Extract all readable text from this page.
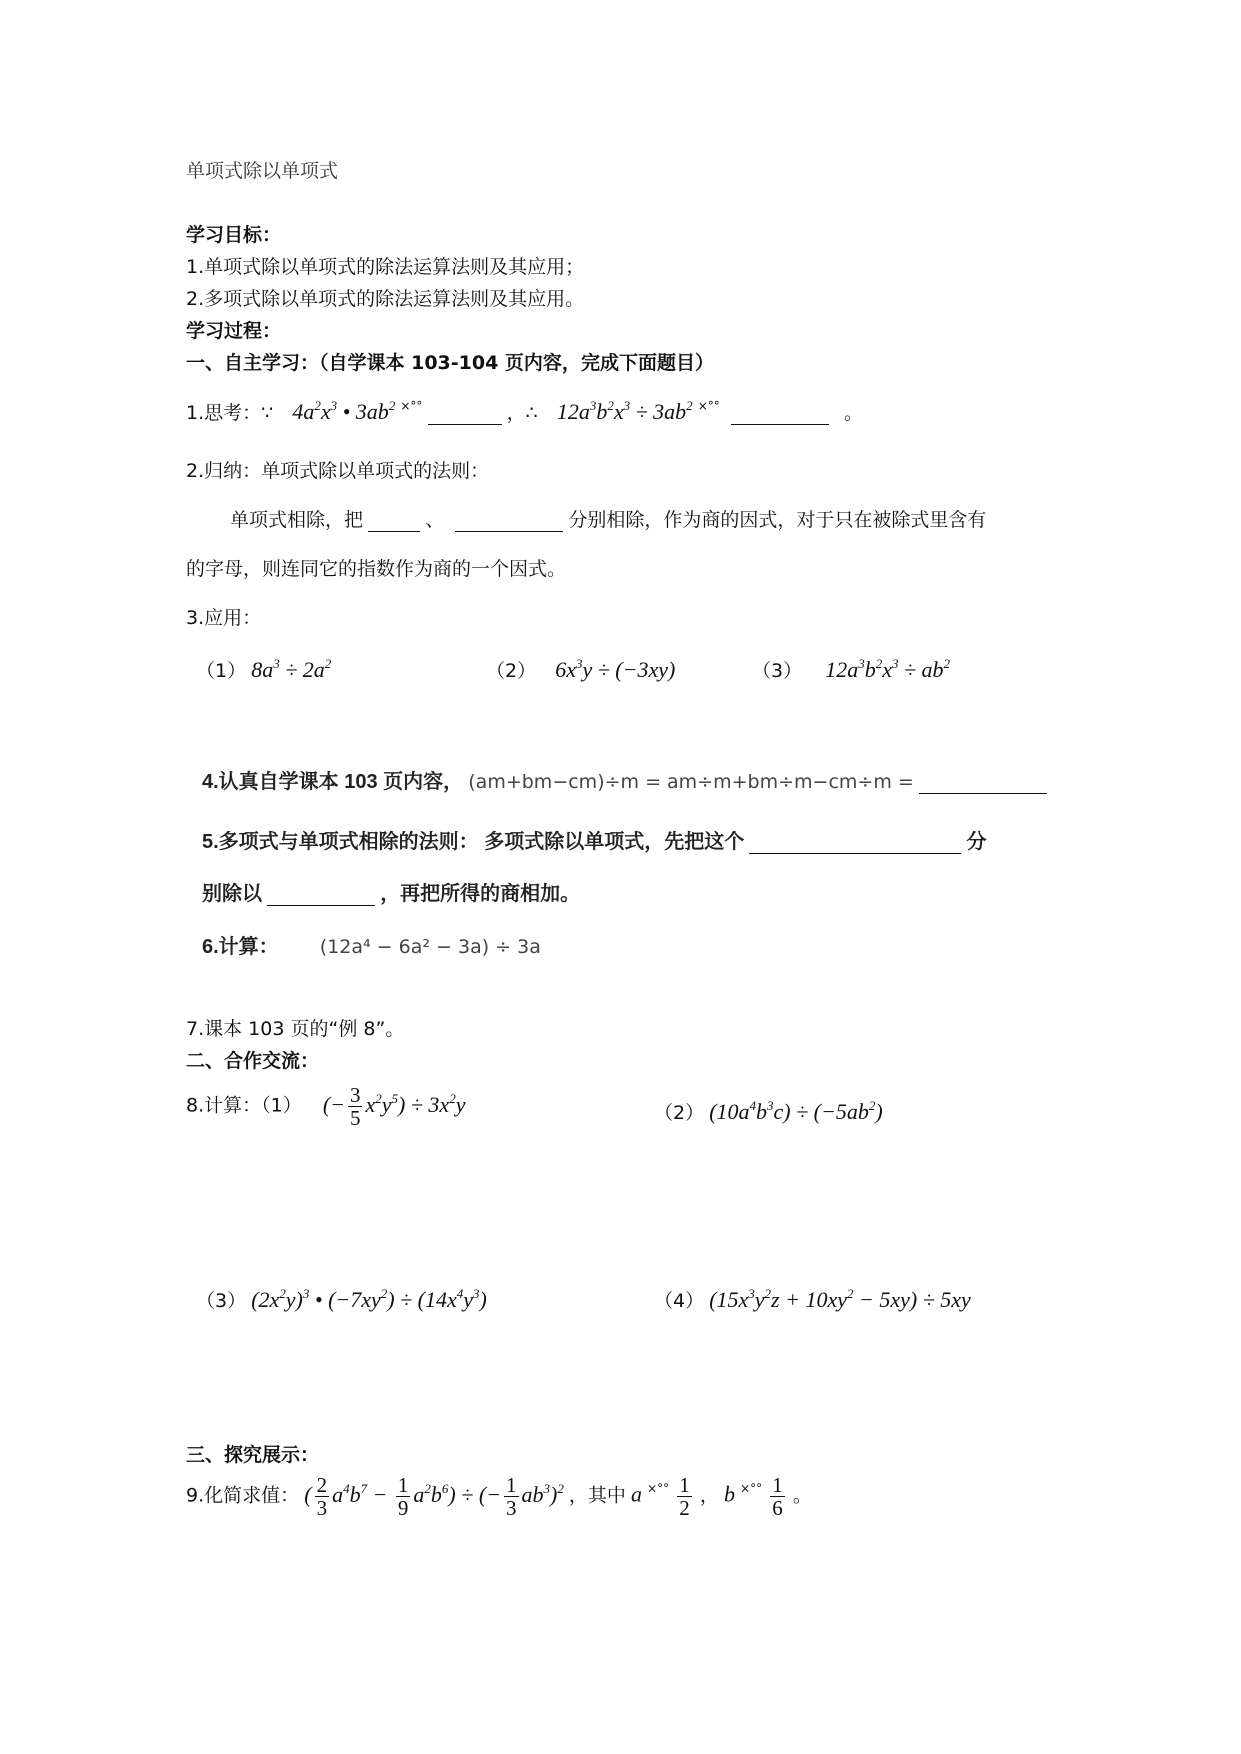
单项式除以单项式
学习目标：
1.单项式除以单项式的除法运算法则及其应用；
2.多项式除以单项式的除法运算法则及其应用。
学习过程：
一、自主学习：（自学课本 103-104 页内容，完成下面题目）
1.思考：∵ $4a^2x^3$ • $3ab^2$ ×°°	，∴ $12a^3b^2x^3 \div 3ab^2$ ×°°	。
2.归纳：单项式除以单项式的法则：
单项式相除，把	、	分别相除，作为商的因式，对于只在被除式里含有
的字母，则连同它的指数作为商的一个因式。
3.应用：
（1） $8a^3 \div 2a^2$	（2） $6x^3y \div (-3xy)$	（3） $12a^3b^2x^3 \div ab^2$
4.认真自学课本 103 页内容， (am+bm−cm)÷m = am÷m+bm÷m−cm÷m =
5.多项式与单项式相除的法则： 多项式除以单项式，先把这个	分
别除以	，再把所得的商相加。
6.计算： (12a⁴ − 6a² − 3a) ÷ 3a
7.课本 103 页的“例 8”。
二、合作交流：
8.计算：（1） (− $\frac{3}{5} x^2y^5) \div 3x^2y$	（2） $(10a^4b^3c) \div (-5ab^2)$
（3） $(2x^2y)^3$ • $(-7xy^2) \div (14x^4y^3)$	（4） $(15x^3y^2z + 10xy^2 - 5xy) \div 5xy$
三、探究展示：
9.化简求值： ( $\frac{2}{3} a^4b^7 - \frac{1}{9} a^2b^6$) ÷ (− $\frac{1}{3} ab^3)^2$ ，其中 a $^{\times^\circ^\circ} \frac{1}{2}$ ， b $^{\times^\circ^\circ} \frac{1}{6}$ 。
